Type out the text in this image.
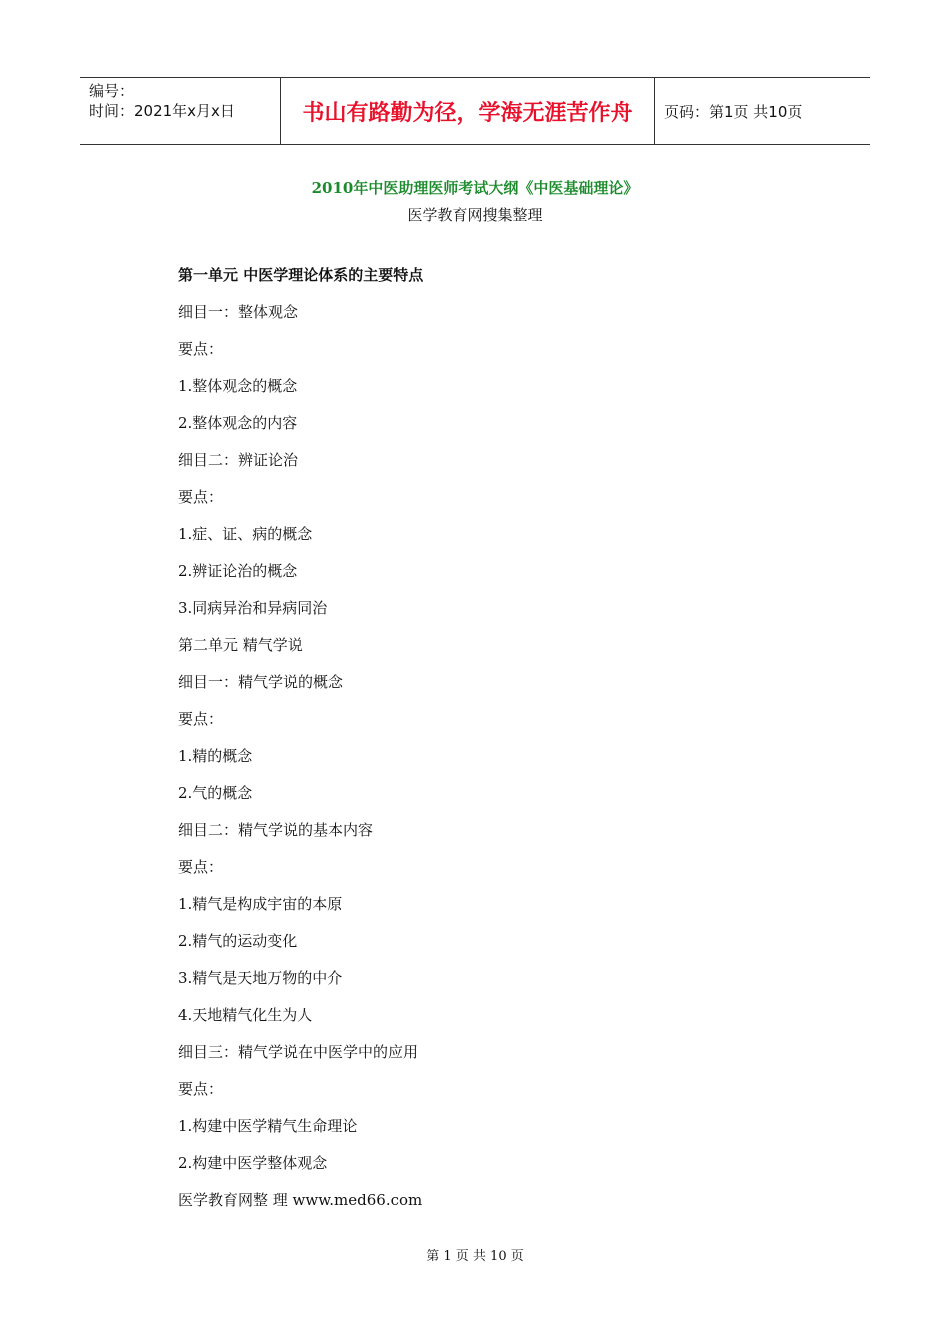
编号：
时间：2021年x月x日	书山有路勤为径，学海无涯苦作舟 页码：第1页 共10页
2010年中医助理医师考试大纲《中医基础理论》
医学教育网搜集整理
第一单元 中医学理论体系的主要特点
细目一：整体观念
要点：
1.整体观念的概念
2.整体观念的内容
细目二：辨证论治
要点：
1.症、证、病的概念
2.辨证论治的概念
3.同病异治和异病同治
第二单元 精气学说
细目一：精气学说的概念
要点：
1.精的概念
2.气的概念
细目二：精气学说的基本内容
要点：
1.精气是构成宇宙的本原
2.精气的运动变化
3.精气是天地万物的中介
4.天地精气化生为人
细目三：精气学说在中医学中的应用
要点：
1.构建中医学精气生命理论
2.构建中医学整体观念
医学教育网整 理 www.med66.com
第 1 页 共 10 页
